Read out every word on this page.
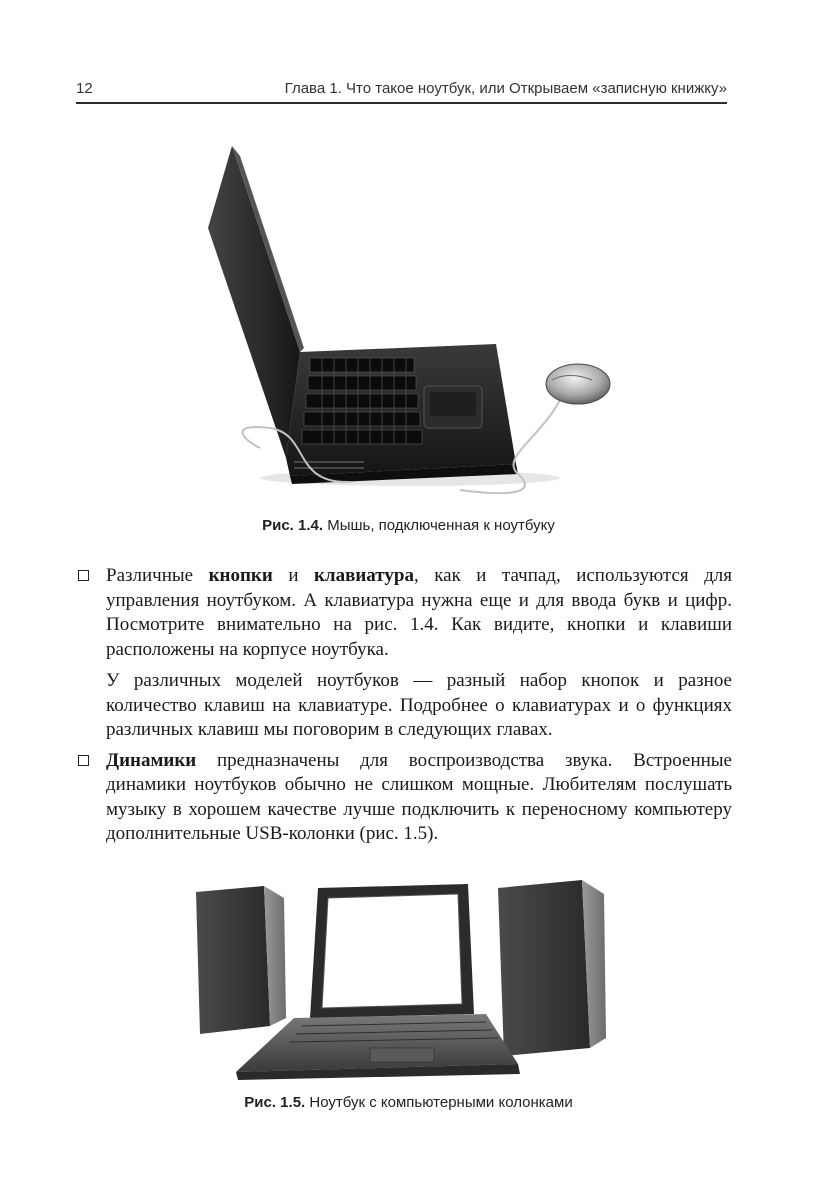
12	Глава 1. Что такое ноутбук, или Открываем «записную книжку»
Рис. 1.4. Мышь, подключенная к ноутбуку

Различные кнопки и клавиатура, как и тачпад, используются для управления ноутбуком. А клавиатура нужна еще и для ввода букв и цифр. Посмотрите внимательно на рис. 1.4. Как видите, кнопки и клавиши расположены на корпусе ноутбука.

У различных моделей ноутбуков — разный набор кнопок и разное количество клавиш на клавиатуре. Подробнее о клавиатурах и о функциях различных клавиш мы поговорим в следующих главах.

Динамики предназначены для воспроизводства звука. Встроенные динамики ноутбуков обычно не слишком мощные. Любителям послушать музыку в хорошем качестве лучше подключить к переносному компьютеру дополнительные USB-колонки (рис. 1.5).

Рис. 1.5. Ноутбук с компьютерными колонками
